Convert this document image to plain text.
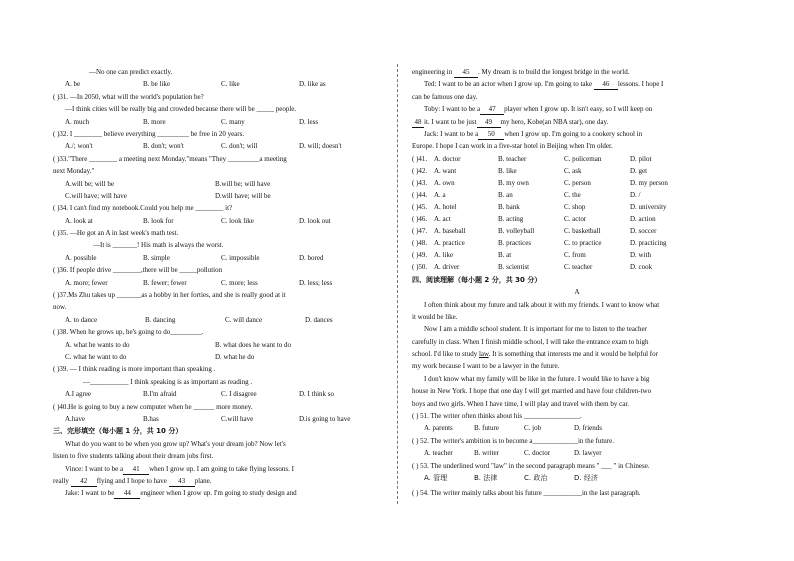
—No one can predict exactly.
A. be	B. be like	C. like	D. like as
( )31. —In 2050, what will the world's population be?
—I think cities will be really big and crowded because there will be _____ people.
A. much	B. more	C. many	D. less
( )32. I ________ believe everything _________ be free in 20 years.
A./; won't	B. don't; won't	C. don't; will	D. will; doesn't
( )33."There ________ a meeting next Monday."means "They _________a meeting
next Monday."
A.will be; will be	B.will be; will have
C.will have; will have	D.will have; will be
( )34. I can't find my notebook.Could you help me ________ it?
A. look at	B. look for	C. look like	D. look out
( )35. —He got an A in last week's math test.
—It is _______! His math is always the worst.
A. possible	B. simple	C. impossible	D. bored
( )36. If people drive ________,there will be _____pollution
A. more; fewer	B. fewer; fewer	C. more; less	D. less; less
( )37.Ms Zhu takes up _______as a hobby in her forties, and she is really good at it
now.
A. to dance	B. dancing	C. will dance	D. dances
( )38. When he grows up, he's going to do_________.
A. what he wants to do	B. what does he want to do
C. what he want to do	D. what he do
( )39. — I think reading is more important than speaking .
—___________ I think speaking is as important as reading .
A.I agree	B.I'm afraid	C. I disagree	D. I think so
( )40.He is going to buy a new computer when he ______ more money.
A.have	B.has	C.will have	D.is going to have
三、完形填空（每小题 1 分，共 10 分）
What do you want to be when you grow up? What's your dream job? Now let's
listen to five students talking about their dream jobs first.
Vince: I want to be a 41 when I grow up. I am going to take flying lessons. I
really 42 flying and I hope to have 43 plane.
Jake: I want to be 44 engineer when I grow up. I'm going to study design and
engineering in 45 . My dream is to build the longest bridge in the world.
Ted: I want to be an actor when I grow up. I'm going to take 46 lessons. I hope I
can be famous one day.
Toby: I want to be a 47 player when I grow up. It isn't easy, so I will keep on
48 it. I want to be just 49 my hero, Kobe(an NBA star), one day.
Jack: I want to be a 50 when I grow up. I'm going to a cookery school in
Europe. I hope I can work in a five-star hotel in Beijing when I'm older.
( )41. A. doctor	B. teacher	C. policeman	D. pilot
( )42. A. want	B. like	C. ask	D. get
( )43. A. own	B. my own	C. person	D. my person
( )44. A. a	B. an	C. the	D. /
( )45. A. hotel	B. bank	C. shop	D. university
( )46. A. act	B. acting	C. actor	D. action
( )47. A. baseball	B. volleyball	C. basketball	D. soccer
( )48. A. practice	B. practices	C. to practice	D. practicing
( )49. A. like	B. at	C. from	D. with
( )50. A. driver	B. scientist	C. teacher	D. cook
四、阅读理解（每小题 2 分，共 30 分）
A
I often think about my future and talk about it with my friends. I want to know what
it would be like.
Now I am a middle school student. It is important for me to listen to the teacher
carefully in class. When I finish middle school, I will take the entrance exam to high
school. I'd like to study law. It is something that interests me and it would be helpful for
my work because I want to be a lawyer in the future.
I don't know what my family will be like in the future. I would like to have a big
house in New York. I hope that one day I will get married and have four children-two
boys and two girls. When I have time, I will play and travel with them by car.
( ) 51. The writer often thinks about his ________________.
A. parents	B. future	C. job	D. friends
( ) 52. The writer's ambition is to become a_____________in the future.
A. teacher	B. writer	C. doctor	D. lawyer
( ) 53. The underlined word "law" in the second paragraph means " ___ " in Chinese.
A. 管理	B. 法律	C. 政治	D. 经济
( ) 54. The writer mainly talks about his future ___________in the last paragraph.
